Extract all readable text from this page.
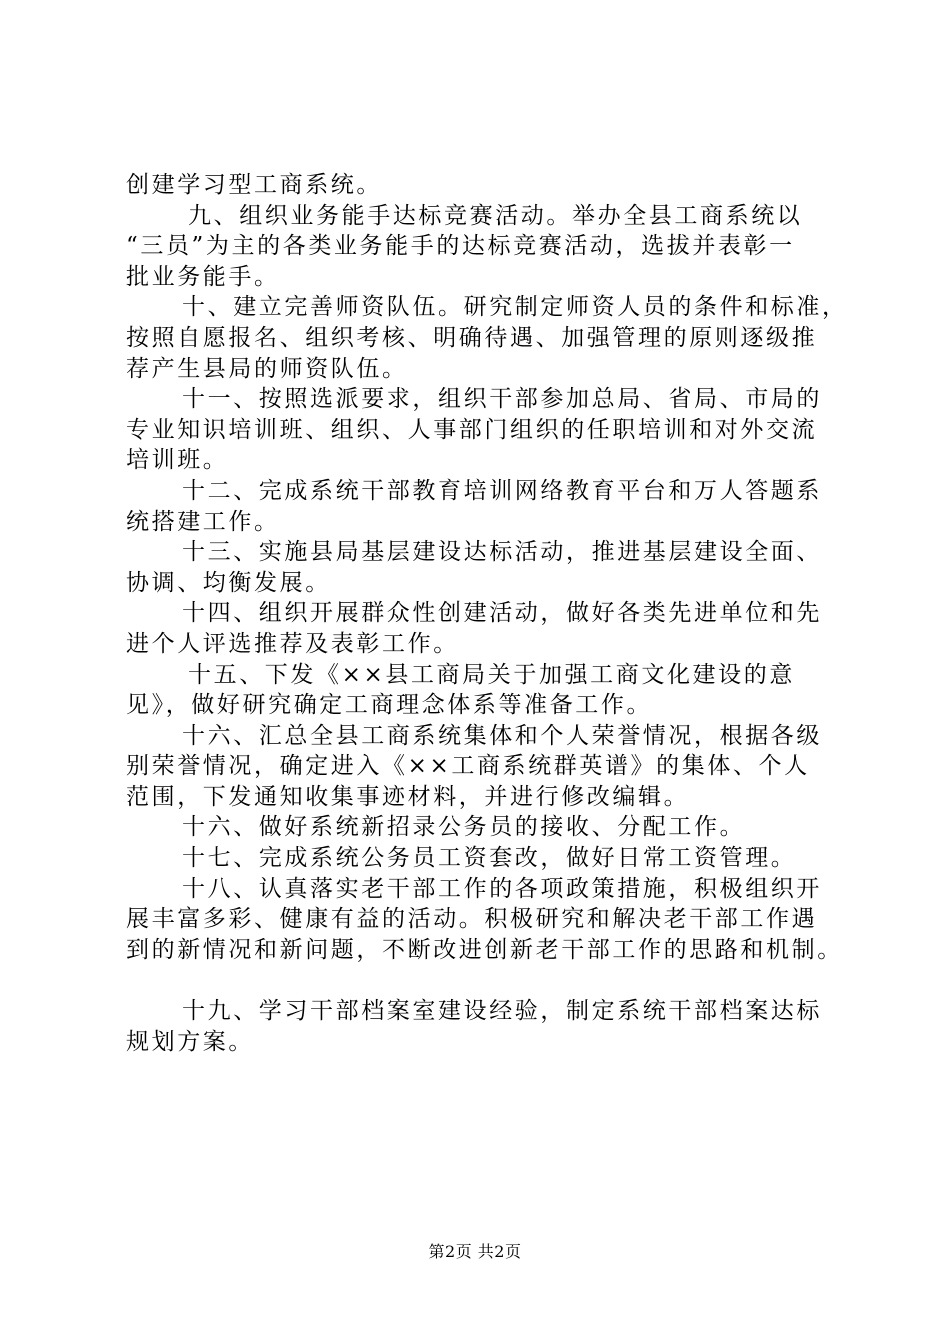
创建学习型工商系统。
九、组织业务能手达标竞赛活动。举办全县工商系统以
“三员”为主的各类业务能手的达标竞赛活动，选拔并表彰一
批业务能手。
十、建立完善师资队伍。研究制定师资人员的条件和标准，
按照自愿报名、组织考核、明确待遇、加强管理的原则逐级推
荐产生县局的师资队伍。
十一、按照选派要求，组织干部参加总局、省局、市局的
专业知识培训班、组织、人事部门组织的任职培训和对外交流
培训班。
十二、完成系统干部教育培训网络教育平台和万人答题系
统搭建工作。
十三、实施县局基层建设达标活动，推进基层建设全面、
协调、均衡发展。
十四、组织开展群众性创建活动，做好各类先进单位和先
进个人评选推荐及表彰工作。
十五、下发《××县工商局关于加强工商文化建设的意
见》，做好研究确定工商理念体系等准备工作。
十六、汇总全县工商系统集体和个人荣誉情况，根据各级
别荣誉情况，确定进入《××工商系统群英谱》的集体、个人
范围，下发通知收集事迹材料，并进行修改编辑。
十六、做好系统新招录公务员的接收、分配工作。
十七、完成系统公务员工资套改，做好日常工资管理。
十八、认真落实老干部工作的各项政策措施，积极组织开
展丰富多彩、健康有益的活动。积极研究和解决老干部工作遇
到的新情况和新问题，不断改进创新老干部工作的思路和机制。
十九、学习干部档案室建设经验，制定系统干部档案达标
规划方案。
第2页 共2页
